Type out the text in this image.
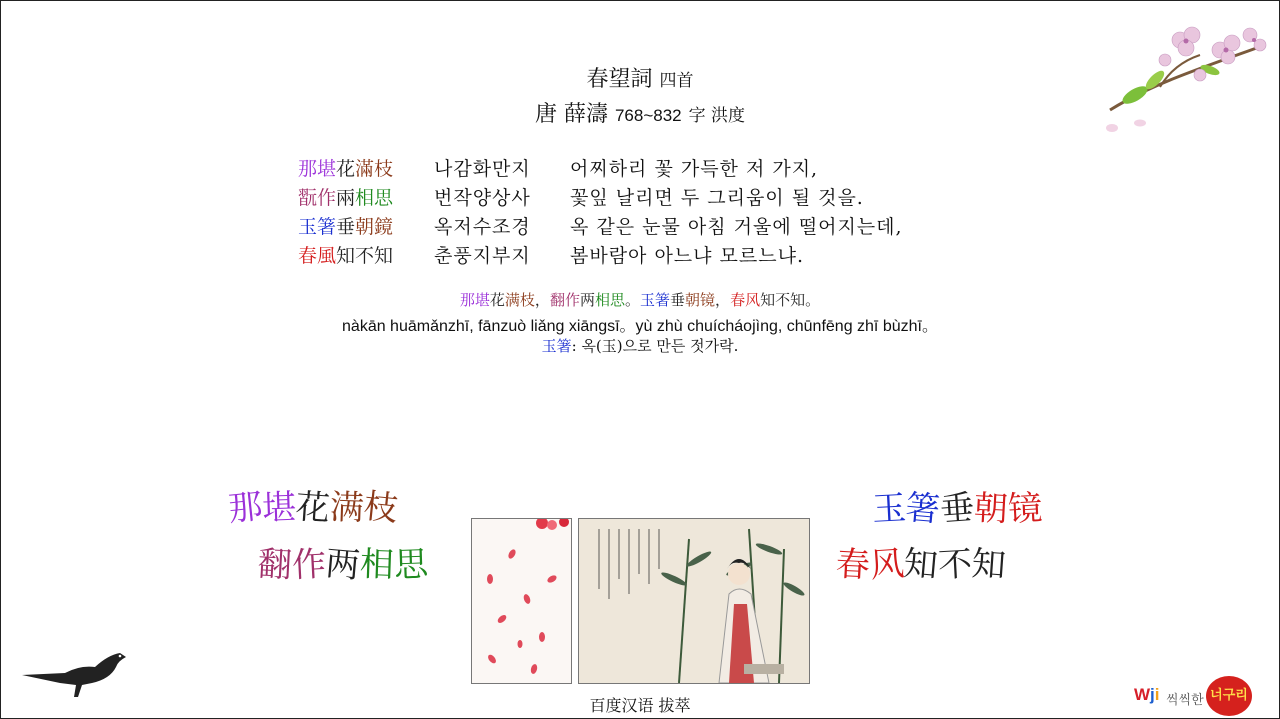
春望詞 四首
唐 薛濤 768~832 字 洪度
那堪花滿枝	나감화만지	어찌하리 꽃 가득한 저 가지,
翫作兩相思	번작양상사	꽃잎 날리면 두 그리움이 될 것을.
玉箸垂朝鏡	옥저수조경	옥 같은 눈물 아침 거울에 떨어지는데,
春風知不知	춘풍지부지	봄바람아 아느냐 모르느냐.
那堪花满枝，翻作两相思。玉箸垂朝镜，春风知不知。
nàkān huāmǎnzhī, fānzuò liǎng xiāngsī。yù zhù chuícháojìng, chūnfēng zhī bùzhī。
玉箸: 옥(玉)으로 만든 젓가락.
那堪花满枝
翻作两相思
玉箸垂朝镜
春风知不知
百度汉语 拔萃
Wji 씩씩한 너구리
